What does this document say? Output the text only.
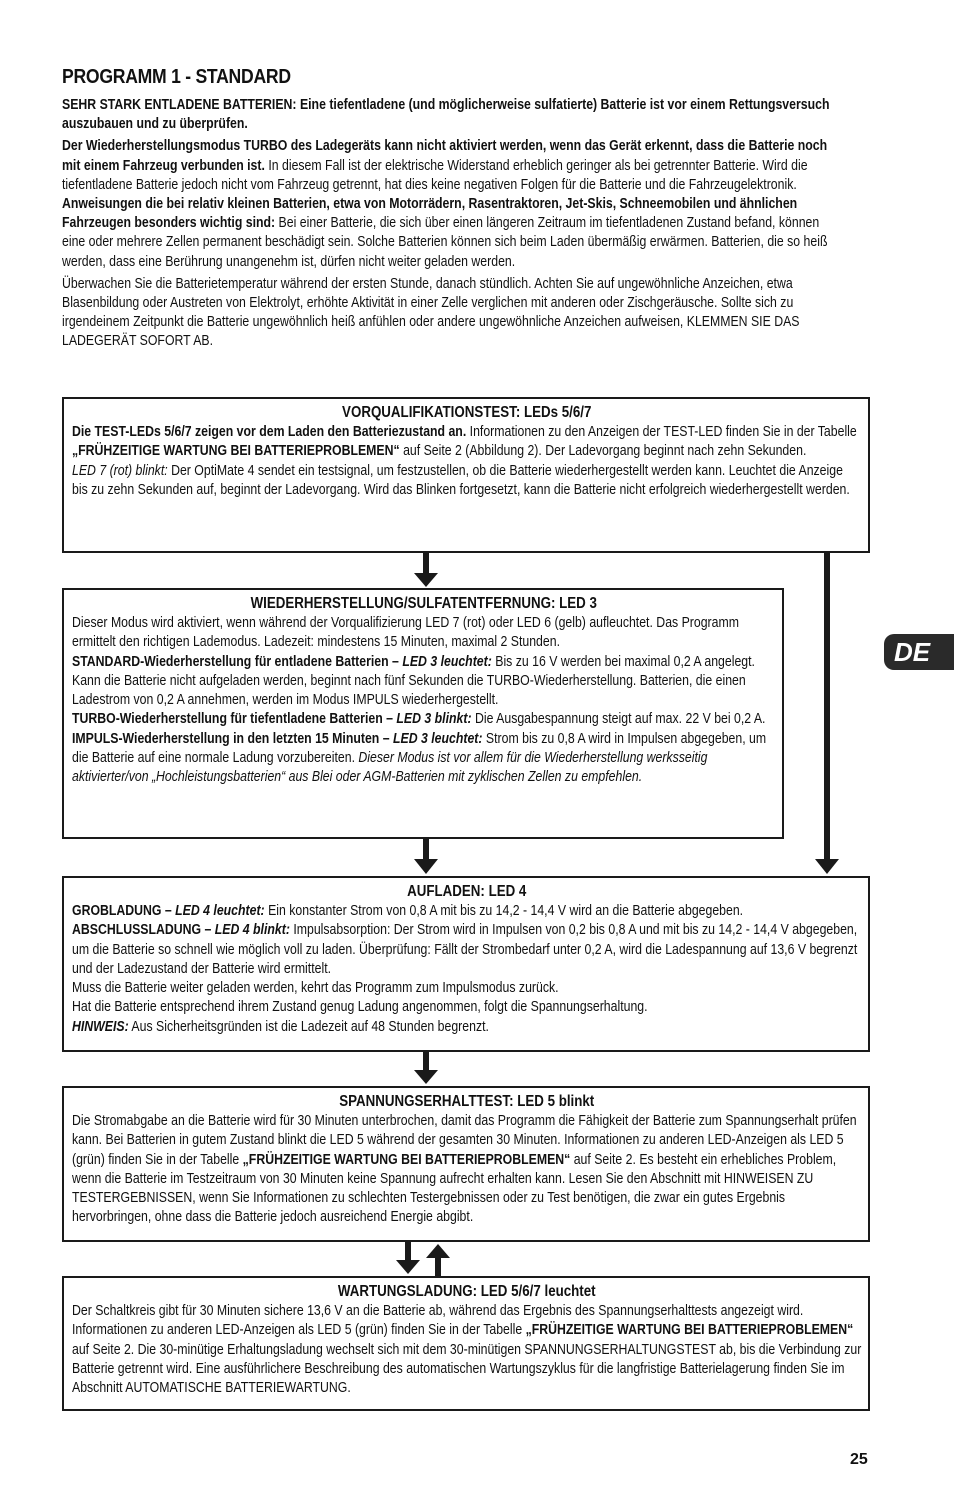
PROGRAMM 1 - STANDARD

SEHR STARK ENTLADENE BATTERIEN: Eine tiefentladene (und möglicherweise sulfatierte) Batterie ist vor einem Rettungsversuch auszubauen und zu überprüfen.

Der Wiederherstellungsmodus TURBO des Ladegeräts kann nicht aktiviert werden, wenn das Gerät erkennt, dass die Batterie noch mit einem Fahrzeug verbunden ist. In diesem Fall ist der elektrische Widerstand erheblich geringer als bei getrennter Batterie. Wird die tiefentladene Batterie jedoch nicht vom Fahrzeug getrennt, hat dies keine negativen Folgen für die Batterie und die Fahrzeugelektronik. Anweisungen die bei relativ kleinen Batterien, etwa von Motorrädern, Rasentraktoren, Jet-Skis, Schneemobilen und ähnlichen Fahrzeugen besonders wichtig sind: Bei einer Batterie, die sich über einen längeren Zeitraum im tiefentladenen Zustand befand, können eine oder mehrere Zellen permanent beschädigt sein. Solche Batterien können sich beim Laden übermäßig erwärmen. Batterien, die so heiß werden, dass eine Berührung unangenehm ist, dürfen nicht weiter geladen werden.

Überwachen Sie die Batterietemperatur während der ersten Stunde, danach stündlich. Achten Sie auf ungewöhnliche Anzeichen, etwa Blasenbildung oder Austreten von Elektrolyt, erhöhte Aktivität in einer Zelle verglichen mit anderen oder Zischgeräusche. Sollte sich zu irgendeinem Zeitpunkt die Batterie ungewöhnlich heiß anfühlen oder andere ungewöhnliche Anzeichen aufweisen, KLEMMEN SIE DAS LADEGERÄT SOFORT AB.

VORQUALIFIKATIONSTEST: LEDs 5/6/7

Die TEST-LEDs 5/6/7 zeigen vor dem Laden den Batteriezustand an. Informationen zu den Anzeigen der TEST-LED finden Sie in der Tabelle „FRÜHZEITIGE WARTUNG BEI BATTERIEPROBLEMEN“ auf Seite 2 (Abbildung 2). Der Ladevorgang beginnt nach zehn Sekunden.

LED 7 (rot) blinkt: Der OptiMate 4 sendet ein testsignal, um festzustellen, ob die Batterie wiederhergestellt werden kann. Leuchtet die Anzeige bis zu zehn Sekunden auf, beginnt der Ladevorgang. Wird das Blinken fortgesetzt, kann die Batterie nicht erfolgreich wiederhergestellt werden.

WIEDERHERSTELLUNG/SULFATENTFERNUNG: LED 3

Dieser Modus wird aktiviert, wenn während der Vorqualifizierung LED 7 (rot) oder LED 6 (gelb) aufleuchtet. Das Programm ermittelt den richtigen Lademodus. Ladezeit: mindestens 15 Minuten, maximal 2 Stunden.

STANDARD-Wiederherstellung für entladene Batterien – LED 3 leuchtet: Bis zu 16 V werden bei maximal 0,2 A angelegt. Kann die Batterie nicht aufgeladen werden, beginnt nach fünf Sekunden die TURBO-Wiederherstellung. Batterien, die einen Ladestrom von 0,2 A annehmen, werden im Modus IMPULS wiederhergestellt.

TURBO-Wiederherstellung für tiefentladene Batterien – LED 3 blinkt: Die Ausgabespannung steigt auf max. 22 V bei 0,2 A.

IMPULS-Wiederherstellung in den letzten 15 Minuten – LED 3 leuchtet: Strom bis zu 0,8 A wird in Impulsen abgegeben, um die Batterie auf eine normale Ladung vorzubereiten. Dieser Modus ist vor allem für die Wiederherstellung werksseitig aktivierter/von „Hochleistungsbatterien“ aus Blei oder AGM-Batterien mit zyklischen Zellen zu empfehlen.

AUFLADEN: LED 4

GROBLADUNG – LED 4 leuchtet: Ein konstanter Strom von 0,8 A mit bis zu 14,2 - 14,4 V wird an die Batterie abgegeben.

ABSCHLUSSLADUNG – LED 4 blinkt: Impulsabsorption: Der Strom wird in Impulsen von 0,2 bis 0,8 A und mit bis zu 14,2 - 14,4 V abgegeben, um die Batterie so schnell wie möglich voll zu laden. Überprüfung: Fällt der Strombedarf unter 0,2 A, wird die Ladespannung auf 13,6 V begrenzt und der Ladezustand der Batterie wird ermittelt.

Muss die Batterie weiter geladen werden, kehrt das Programm zum Impulsmodus zurück.

Hat die Batterie entsprechend ihrem Zustand genug Ladung angenommen, folgt die Spannungserhaltung.

HINWEIS: Aus Sicherheitsgründen ist die Ladezeit auf 48 Stunden begrenzt.

SPANNUNGSERHALTTEST: LED 5 blinkt

Die Stromabgabe an die Batterie wird für 30 Minuten unterbrochen, damit das Programm die Fähigkeit der Batterie zum Spannungserhalt prüfen kann. Bei Batterien in gutem Zustand blinkt die LED 5 während der gesamten 30 Minuten. Informationen zu anderen LED-Anzeigen als LED 5 (grün) finden Sie in der Tabelle „FRÜHZEITIGE WARTUNG BEI BATTERIEPROBLEMEN“ auf Seite 2. Es besteht ein erhebliches Problem, wenn die Batterie im Testzeitraum von 30 Minuten keine Spannung aufrecht erhalten kann. Lesen Sie den Abschnitt mit HINWEISEN ZU TESTERGEBNISSEN, wenn Sie Informationen zu schlechten Testergebnissen oder zu Test benötigen, die zwar ein gutes Ergebnis hervorbringen, ohne dass die Batterie jedoch ausreichend Energie abgibt.

WARTUNGSLADUNG: LED 5/6/7 leuchtet

Der Schaltkreis gibt für 30 Minuten sichere 13,6 V an die Batterie ab, während das Ergebnis des Spannungserhalttests angezeigt wird. Informationen zu anderen LED-Anzeigen als LED 5 (grün) finden Sie in der Tabelle „FRÜHZEITIGE WARTUNG BEI BATTERIEPROBLEMEN“ auf Seite 2. Die 30-minütige Erhaltungsladung wechselt sich mit dem 30-minütigen SPANNUNGSERHALTUNGSTEST ab, bis die Verbindung zur Batterie getrennt wird. Eine ausführlichere Beschreibung des automatischen Wartungszyklus für die langfristige Batterielagerung finden Sie im Abschnitt AUTOMATISCHE BATTERIEWARTUNG.

DE
25
